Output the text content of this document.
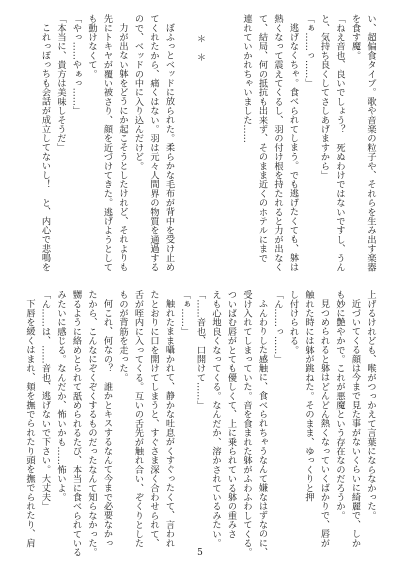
い、超偏食タイプ。歌や音楽の粒子や、それらを生み出す楽器

を食す魔。

「ねえ音也、良いでしょう？　死ぬわけではないですし、うん

と、気持ち良くしてさしあげますから」

「ぁ……っ……」

逃げなくちゃ。食べられてしまう。でも逃げたくても、躰は

熱くなって震えてくるし、羽の付け根を持たれると力が出なく

て、結局、何の抵抗も出来ず、そのまま近くのホテルにまで

連れていかれちゃいました……

＊　＊

ぼふっとベッドに放られた。柔らかな毛布が背中を受け止め

てくれたから、痛くはない。羽は元々人間界の物質を通過する

ので、ベッドの中に入り込んだけど。

力が出ない躰をどうにか起こそうとしたけれど、それよりも

先にトキヤが覆い被さり、顔を近づけてきた。逃げようとして

も動けなくて。

「やっ……やぁっ……」

「本当に、貴方は美味しそうだ」

これっぽっちも会話が成立してないし！　と、内心で悲鳴を

上げるけれども、喉がつっかえて言葉にならなかった。

近づいてくる顔は今まで見た事がないくらいに綺麗で、しか

も妙に艶やかで。これが悪魔という存在なのだろうか。

見つめられると躰はどんどん熱くなっていくばかりで、唇が

触れた時には躰が跳ねた。そのまま、ゆっくりと押

し付けられる。

「ん……っ……」

ふんわりした感触に、食べられちゃうなんて嫌なはずなのに、

受け入れてしまっていた。音を食まれた躰がふわふわしてくる。

ついばむ唇がとても優しくて、上に乗られている躰の重みさ

えも心地良くなってくる。なんだか、溶かされているみたい。

「……音也、口開けて……」

「ぁ……」

触れたまま囁かれて、静かな吐息がくすぐったくて、言われ

たとおりに口を開けてしまうと、すぐさま深く合わせられて、

舌が咥内に入ってくる。互いの舌先が触れ合い、ぞくりとした

ものが背筋を走った。

何これ、何なの？　誰かとキスするなんて今まで必要なかっ

たから、こんなにぞくぞくするものだったなんて知らなかった。

嬲るように絡めとられて舐められるたび、本当に食べられている

みたいに感じる。なんだか、怖いかも……怖いよ。

「ん……は、……音也、逃げないで下さい。大丈夫」

下唇を緩くはまれ、頬を撫でられたり頭を撫でられたり、肩

5
